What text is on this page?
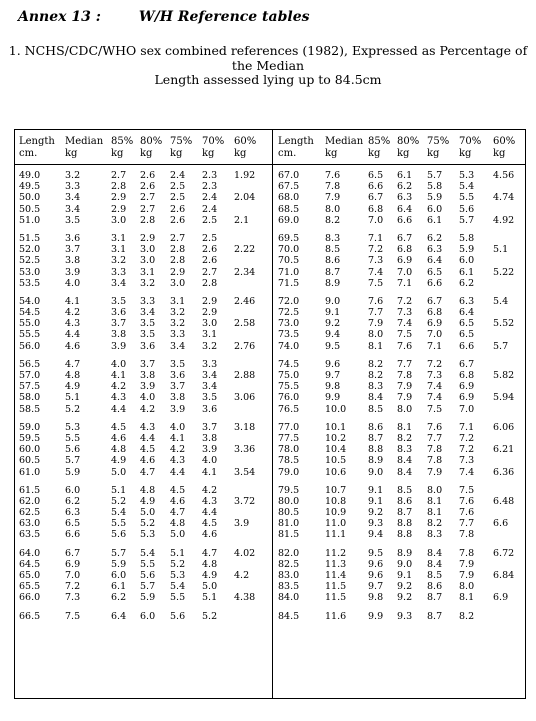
Annex 13 :	W/H Reference tables
1. NCHS/CDC/WHO sex combined references (1982), Expressed as Percentage of
the Median
Length assessed lying up to 84.5cm
Length
cm.
Median
kg
85%
kg
80%
kg
75%
kg
70%
kg
60%
kg
49.0	3.2	2.7 2.6 2.4 2.3 1.92
49.5	3.3	2.8 2.6 2.5 2.3
50.0	3.4	2.9 2.7 2.5 2.4 2.04
50.5	3.4	2.9 2.7 2.6 2.4
51.0	3.5	3.0 2.8 2.6 2.5 2.1
51.5	3.6	3.1 2.9 2.7 2.5
52.0	3.7	3.1 3.0 2.8 2.6 2.22
52.5	3.8	3.2 3.0 2.8 2.6
53.0	3.9	3.3 3.1 2.9 2.7 2.34
53.5	4.0	3.4 3.2 3.0 2.8
54.0	4.1	3.5 3.3 3.1 2.9 2.46
54.5	4.2	3.6 3.4 3.2 2.9
55.0	4.3	3.7 3.5 3.2 3.0 2.58
55.5	4.4	3.8 3.5 3.3 3.1
56.0	4.6	3.9 3.6 3.4 3.2 2.76
56.5	4.7	4.0 3.7 3.5 3.3
57.0	4.8	4.1 3.8 3.6 3.4 2.88
57.5	4.9	4.2 3.9 3.7 3.4
58.0	5.1	4.3 4.0 3.8 3.5 3.06
58.5	5.2	4.4 4.2 3.9 3.6
59.0	5.3	4.5 4.3 4.0 3.7 3.18
59.5	5.5	4.6 4.4 4.1 3.8
60.0	5.6	4.8 4.5 4.2 3.9 3.36
60.5	5.7	4.9 4.6 4.3 4.0
61.0	5.9	5.0 4.7 4.4 4.1 3.54
61.5	6.0	5.1 4.8 4.5 4.2
62.0	6.2	5.2 4.9 4.6 4.3 3.72
62.5	6.3	5.4 5.0 4.7 4.4
63.0	6.5	5.5 5.2 4.8 4.5 3.9
63.5	6.6	5.6 5.3 5.0 4.6
64.0	6.7	5.7 5.4 5.1 4.7 4.02
64.5	6.9	5.9 5.5 5.2 4.8
65.0	7.0	6.0 5.6 5.3 4.9 4.2
65.5	7.2	6.1 5.7 5.4 5.0
66.0	7.3	6.2 5.9 5.5 5.1 4.38
66.5	7.5	6.4 6.0 5.6 5.2
Length
cm.
Median
kg
85%
kg
80%
kg
75%
kg
70%
kg
60%
kg
67.0	7.6	6.5 6.1 5.7 5.3 4.56
67.5	7.8	6.6 6.2 5.8 5.4
68.0	7.9	6.7 6.3 5.9 5.5 4.74
68.5	8.0	6.8 6.4 6.0 5.6
69.0	8.2	7.0 6.6 6.1 5.7 4.92
69.5	8.3	7.1 6.7 6.2 5.8
70.0	8.5	7.2 6.8 6.3 5.9 5.1
70.5	8.6	7.3 6.9 6.4 6.0
71.0	8.7	7.4 7.0 6.5 6.1 5.22
71.5	8.9	7.5 7.1 6.6 6.2
72.0	9.0	7.6 7.2 6.7 6.3 5.4
72.5	9.1	7.7 7.3 6.8 6.4
73.0	9.2	7.9 7.4 6.9 6.5 5.52
73.5	9.4	8.0 7.5 7.0 6.5
74.0	9.5	8.1 7.6 7.1 6.6 5.7
74.5	9.6	8.2 7.7 7.2 6.7
75.0	9.7	8.2 7.8 7.3 6.8 5.82
75.5	9.8	8.3 7.9 7.4 6.9
76.0	9.9	8.4 7.9 7.4 6.9 5.94
76.5	10.0 8.5 8.0 7.5 7.0
77.0	10.1 8.6 8.1 7.6 7.1 6.06
77.5	10.2 8.7 8.2 7.7 7.2
78.0	10.4 8.8 8.3 7.8 7.2 6.21
78.5	10.5 8.9 8.4 7.8 7.3
79.0	10.6 9.0 8.4 7.9 7.4 6.36
79.5	10.7 9.1 8.5 8.0 7.5
80.0	10.8 9.1 8.6 8.1 7.6 6.48
80.5	10.9 9.2 8.7 8.1 7.6
81.0	11.0 9.3 8.8 8.2 7.7 6.6
81.5	11.1 9.4 8.8 8.3 7.8
82.0	11.2 9.5 8.9 8.4 7.8 6.72
82.5	11.3 9.6 9.0 8.4 7.9
83.0	11.4 9.6 9.1 8.5 7.9 6.84
83.5	11.5 9.7 9.2 8.6 8.0
84.0	11.5 9.8 9.2 8.7 8.1 6.9
84.5	11.6 9.9 9.3 8.7 8.2
